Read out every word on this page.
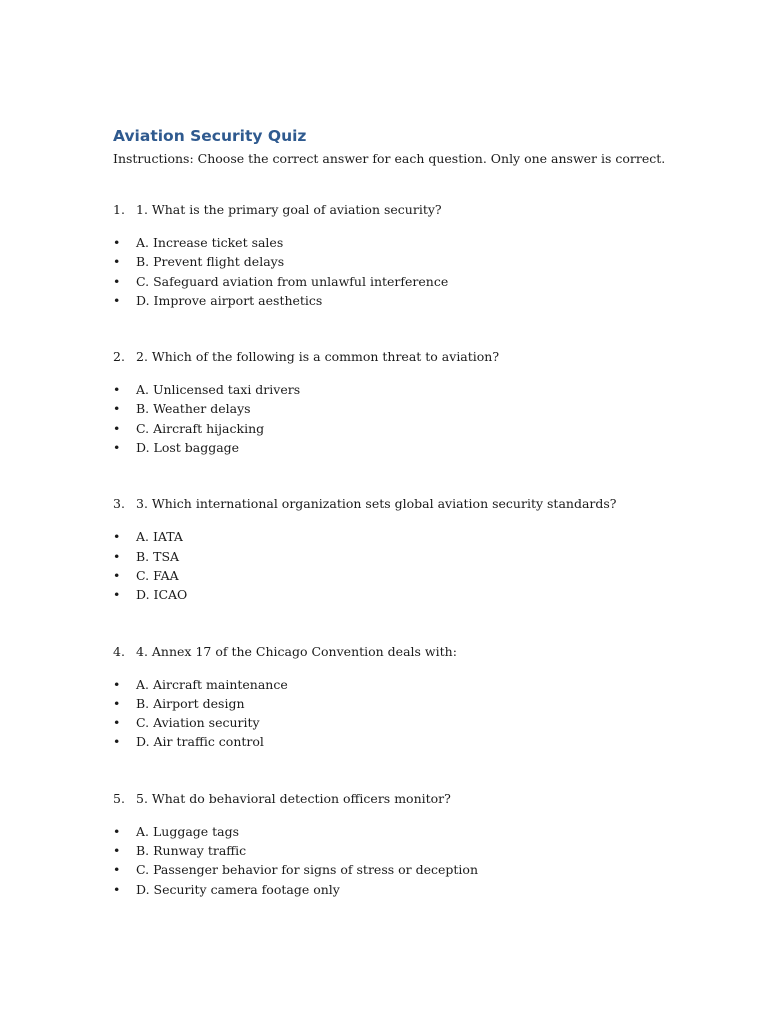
Aviation Security Quiz

Instructions: Choose the correct answer for each question. Only one answer is correct.

1. 1. What is the primary goal of aviation security?
• A. Increase ticket sales
• B. Prevent flight delays
• C. Safeguard aviation from unlawful interference
• D. Improve airport aesthetics
2. 2. Which of the following is a common threat to aviation?
• A. Unlicensed taxi drivers
• B. Weather delays
• C. Aircraft hijacking
• D. Lost baggage
3. 3. Which international organization sets global aviation security standards?
• A. IATA
• B. TSA
• C. FAA
• D. ICAO
4. 4. Annex 17 of the Chicago Convention deals with:
• A. Aircraft maintenance
• B. Airport design
• C. Aviation security
• D. Air traffic control
5. 5. What do behavioral detection officers monitor?
• A. Luggage tags
• B. Runway traffic
• C. Passenger behavior for signs of stress or deception
• D. Security camera footage only
